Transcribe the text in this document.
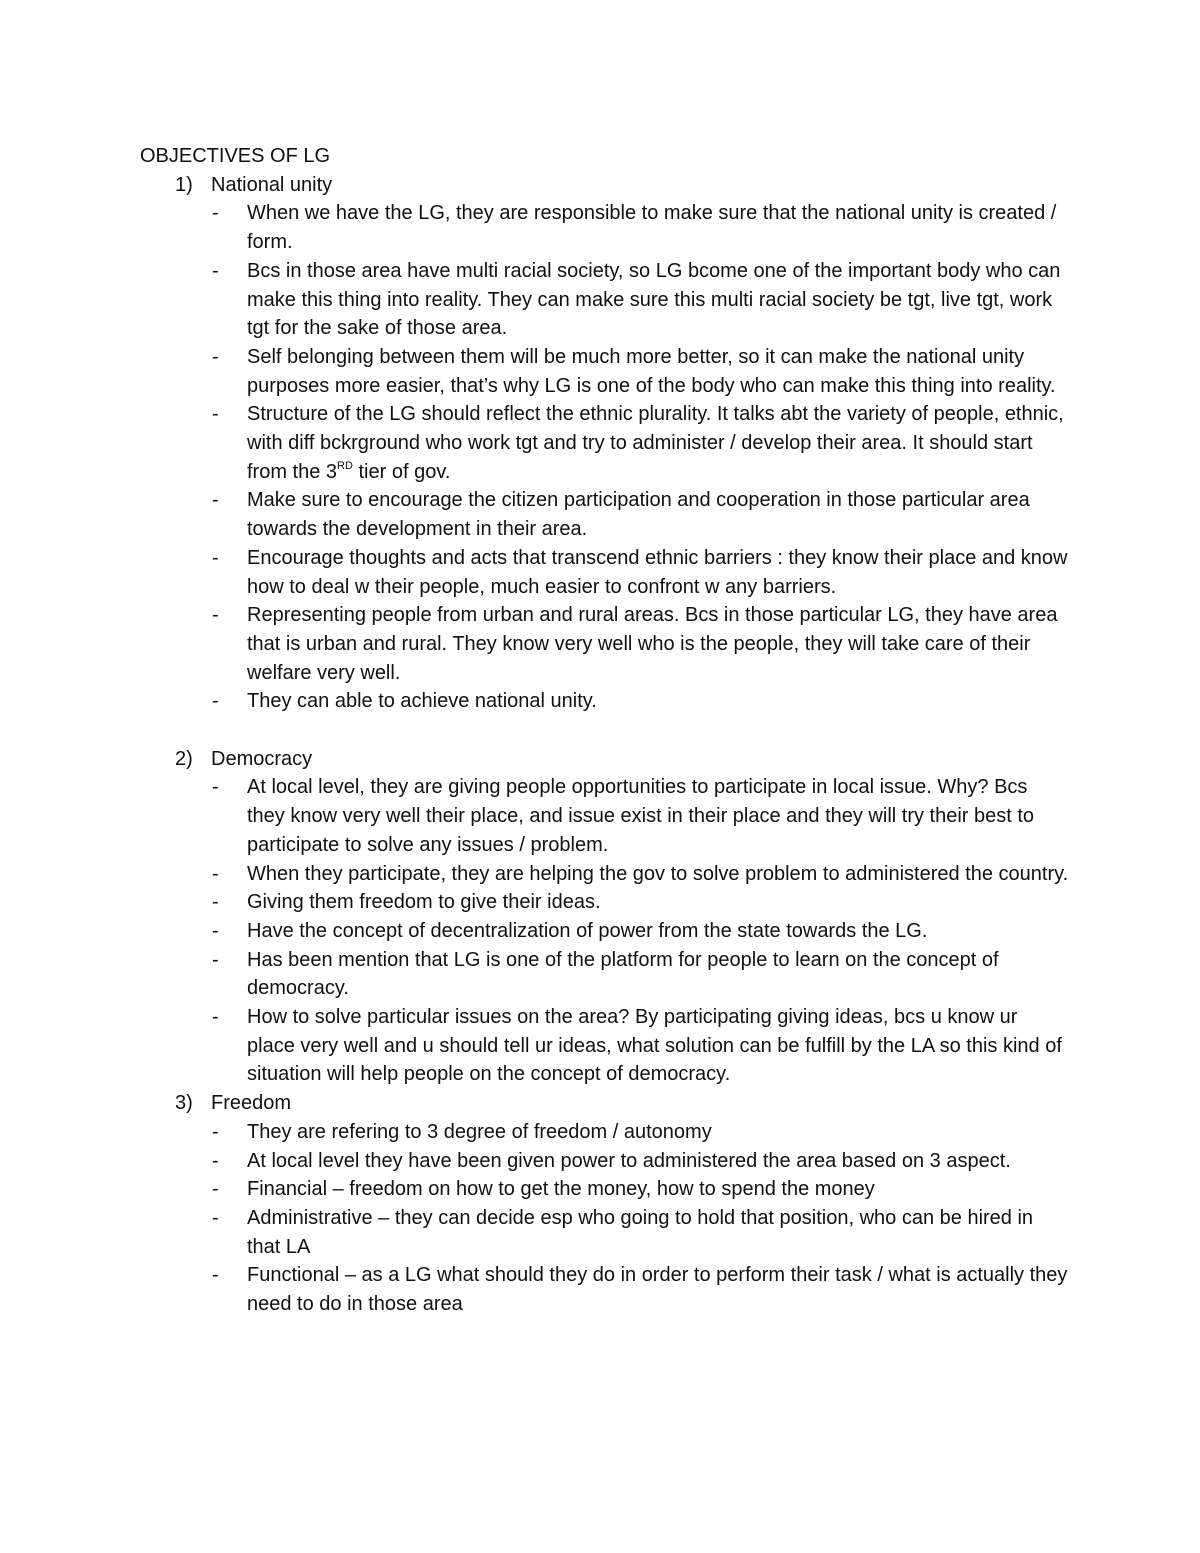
OBJECTIVES OF LG
1) National unity
-	When we have the LG, they are responsible to make sure that the national unity is created / form.
-	Bcs in those area have multi racial society, so LG bcome one of the important body who can make this thing into reality. They can make sure this multi racial society be tgt, live tgt, work tgt for the sake of those area.
-	Self belonging between them will be much more better, so it can make the national unity purposes more easier, that’s why LG is one of the body who can make this thing into reality.
-	Structure of the LG should reflect the ethnic plurality. It talks abt the variety of people, ethnic, with diff bckrground who work tgt and try to administer / develop their area. It should start from the 3RD tier of gov.
-	Make sure to encourage the citizen participation and cooperation in those particular area towards the development in their area.
-	Encourage thoughts and acts that transcend ethnic barriers : they know their place and know how to deal w their people, much easier to confront w any barriers.
-	Representing people from urban and rural areas. Bcs in those particular LG, they have area that is urban and rural. They know very well who is the people, they will take care of their welfare very well.
-	They can able to achieve national unity.
2) Democracy
-	At local level, they are giving people opportunities to participate in local issue. Why? Bcs they know very well their place, and issue exist in their place and they will try their best to participate to solve any issues / problem.
-	When they participate, they are helping the gov to solve problem to administered the country.
-	Giving them freedom to give their ideas.
-	Have the concept of decentralization of power from the state towards the LG.
-	Has been mention that LG is one of the platform for people to learn on the concept of democracy.
-	How to solve particular issues on the area? By participating giving ideas, bcs u know ur place very well and u should tell ur ideas, what solution can be fulfill by the LA so this kind of situation will help people on the concept of democracy.
3) Freedom
-	They are refering to 3 degree of freedom / autonomy
-	At local level they have been given power to administered the area based on 3 aspect.
-	Financial – freedom on how to get the money, how to spend the money
-	Administrative – they can decide esp who going to hold that position, who can be hired in that LA
-	Functional – as a LG what should they do in order to perform their task / what is actually they need to do in those area
